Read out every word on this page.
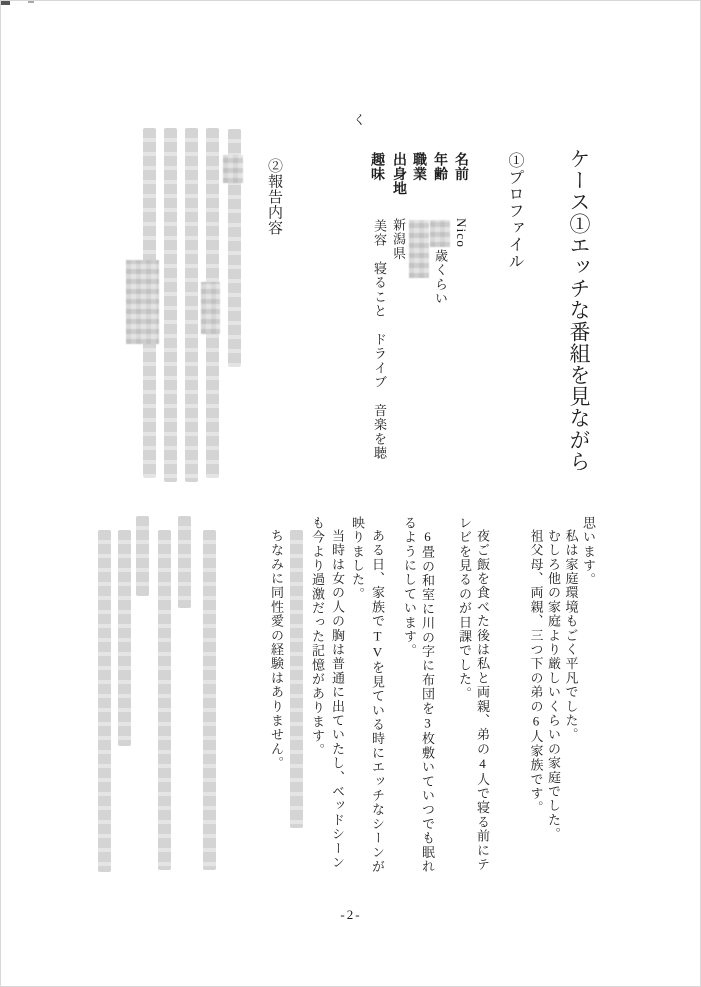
ケース①エッチな番組を見ながら
①プロファイル
名前
年齢
職業
出身地
趣味
Nico
歳くらい
新潟県
美容　寝ること　ドライブ　音楽を聴く
②報告内容

思います。

私は家庭環境もごく平凡でした。

むしろ他の家庭より厳しいくらいの家庭でした。

祖父母、両親、三つ下の弟の6人家族です。

夜ご飯を食べた後は私と両親、弟の4人で寝る前にテレビを見るのが日課でした。

6畳の和室に川の字に布団を3枚敷いていつでも眠れるようにしています。

ある日、家族でTVを見ている時にエッチなシーンが映りました。

当時は女の人の胸は普通に出ていたし、ベッドシーンも今より過激だった記憶があります。

ちなみに同性愛の経験はありません。

-2-
